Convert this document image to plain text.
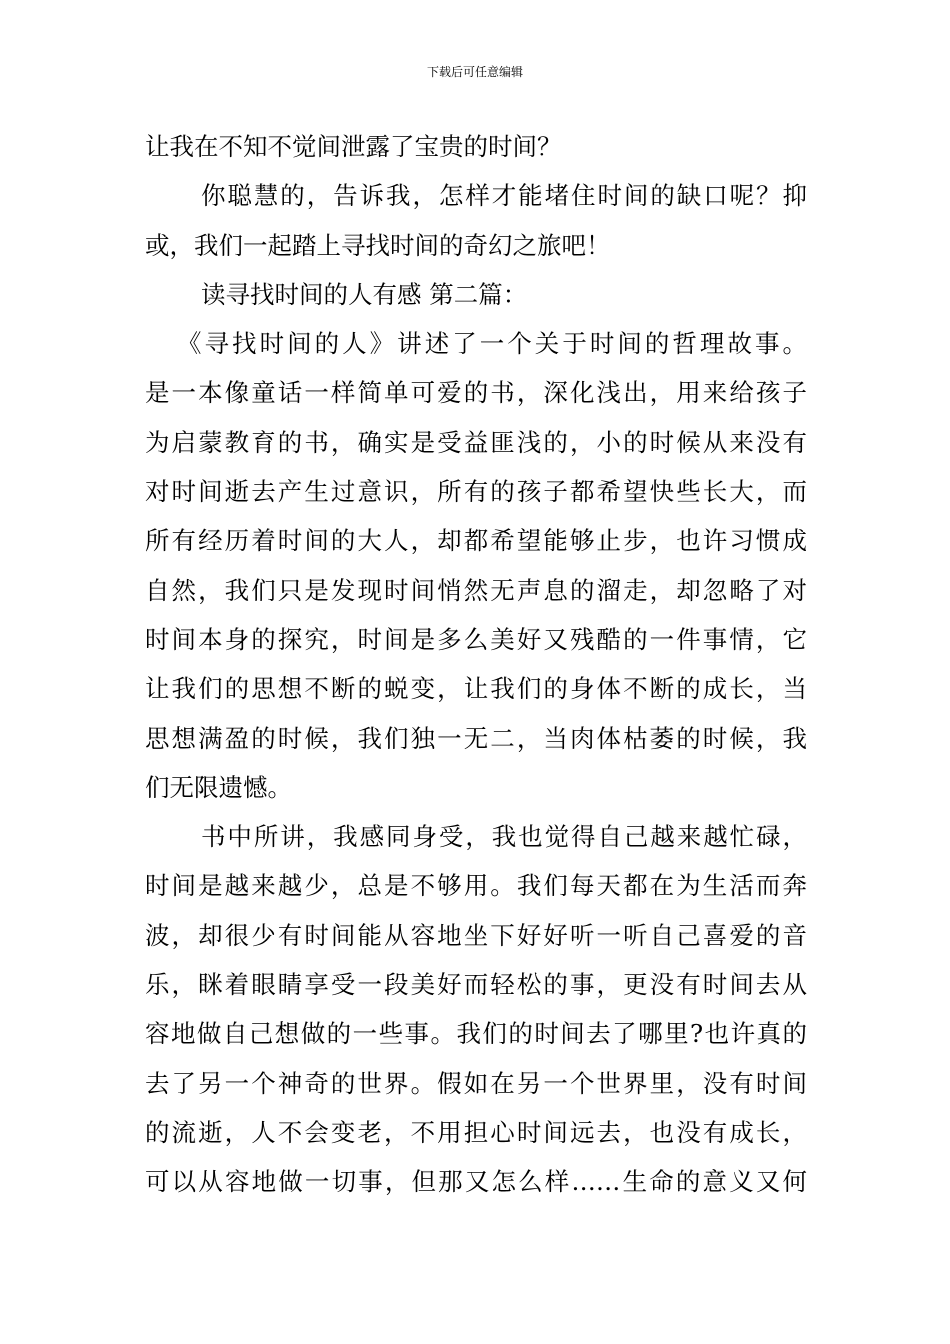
下载后可任意编辑
让我在不知不觉间泄露了宝贵的时间？
你聪慧的，告诉我，怎样才能堵住时间的缺口呢？抑
或，我们一起踏上寻找时间的奇幻之旅吧！
读寻找时间的人有感 第二篇：
《寻找时间的人》讲述了一个关于时间的哲理故事。
是一本像童话一样简单可爱的书，深化浅出，用来给孩子
为启蒙教育的书，确实是受益匪浅的，小的时候从来没有
对时间逝去产生过意识，所有的孩子都希望快些长大，而
所有经历着时间的大人，却都希望能够止步，也许习惯成
自然，我们只是发现时间悄然无声息的溜走，却忽略了对
时间本身的探究，时间是多么美好又残酷的一件事情，它
让我们的思想不断的蜕变，让我们的身体不断的成长，当
思想满盈的时候，我们独一无二，当肉体枯萎的时候，我
们无限遗憾。
书中所讲，我感同身受，我也觉得自己越来越忙碌，
时间是越来越少，总是不够用。我们每天都在为生活而奔
波，却很少有时间能从容地坐下好好听一听自己喜爱的音
乐，眯着眼睛享受一段美好而轻松的事，更没有时间去从
容地做自己想做的一些事。我们的时间去了哪里?也许真的
去了另一个神奇的世界。假如在另一个世界里，没有时间
的流逝，人不会变老，不用担心时间远去，也没有成长，
可以从容地做一切事，但那又怎么样……生命的意义又何
